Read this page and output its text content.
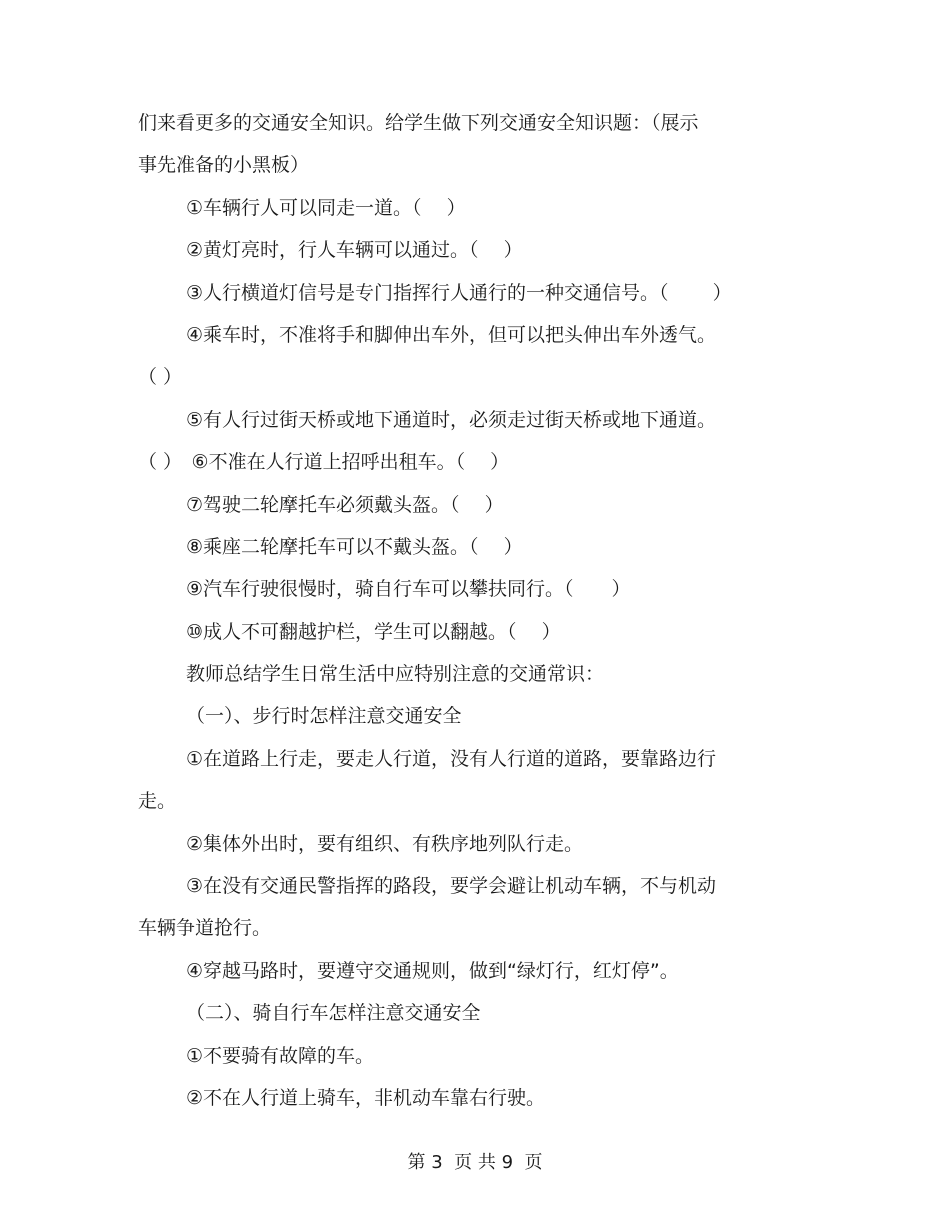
们来看更多的交通安全知识。给学生做下列交通安全知识题：（展示
事先准备的小黑板）
①车辆行人可以同走一道。（　 ）
②黄灯亮时，行人车辆可以通过。（　 ）
③人行横道灯信号是专门指挥行人通行的一种交通信号。（　　 ）
④乘车时，不准将手和脚伸出车外，但可以把头伸出车外透气。
（ ）
⑤有人行过街天桥或地下通道时，必须走过街天桥或地下通道。
（ ）　⑥不准在人行道上招呼出租车。（　 ）
⑦驾驶二轮摩托车必须戴头盔。（　 ）
⑧乘座二轮摩托车可以不戴头盔。（　 ）
⑨汽车行驶很慢时，骑自行车可以攀扶同行。（　　）
⑩成人不可翻越护栏，学生可以翻越。（　 ）
教师总结学生日常生活中应特别注意的交通常识：
（一）、步行时怎样注意交通安全
①在道路上行走，要走人行道，没有人行道的道路，要靠路边行
走。
②集体外出时，要有组织、有秩序地列队行走。
③在没有交通民警指挥的路段，要学会避让机动车辆，不与机动
车辆争道抢行。
④穿越马路时，要遵守交通规则，做到“绿灯行，红灯停”。
（二）、骑自行车怎样注意交通安全
①不要骑有故障的车。
②不在人行道上骑车，非机动车靠右行驶。
第 3  页 共 9  页
